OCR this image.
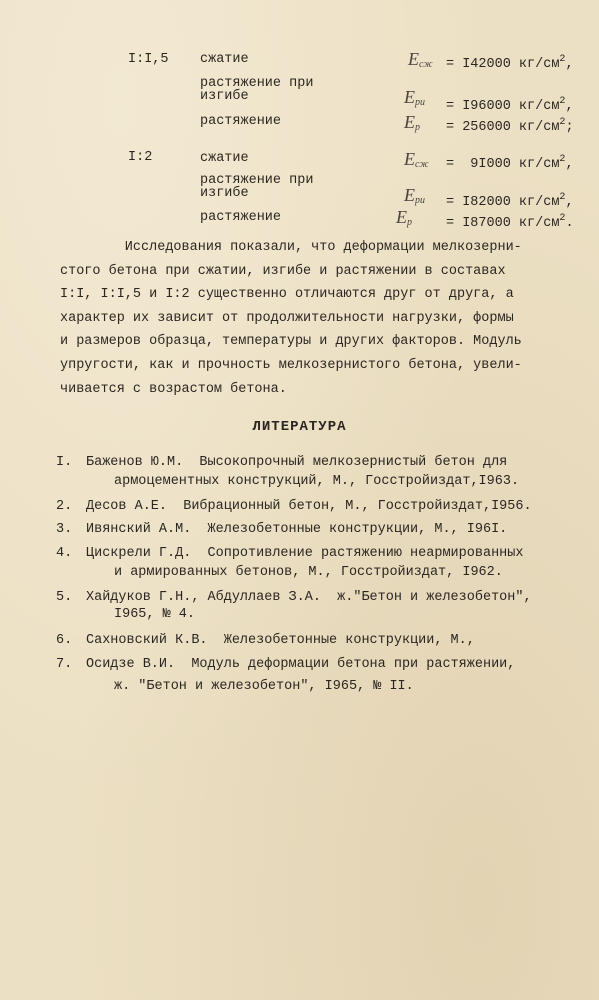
I:I,5 сжатие	$E_{сж} = I42000$ $кг/см^2$,
растяжение при
изгибе	$E_{ри} = I96000$ $кг/см^2$,
растяжение	$E_р = 256000$ $кг/см^2$;
I:2	сжатие	$E_{сж} = 9I000$ $кг/см^2$,
растяжение при
изгибе	$E_{ри} = I82000$ $кг/см^2$,
растяжение	$E_р$	= I87000 $кг/см^2$.
Исследования показали, что деформации мелкозерни-
стого бетона при сжатии, изгибе и растяжении в составах
I:I, I:I,5 и I:2 существенно отличаются друг от друга, а
характер их зависит от продолжительности нагрузки, формы
и размеров образца, температуры и других факторов. Модуль
упругости, как и прочность мелкозернистого бетона, увели-
чивается с возрастом бетона.
ЛИТЕРАТУРА
I. Баженов Ю.М.  Высокопрочный мелкозернистый бетон для
армоцементных конструкций, М., Госстройиздат,I963.
2. Десов А.Е.  Вибрационный бетон, М., Госстройиздат,I956.
3. Ивянский А.М.  Железобетонные конструкции, М., I96I.
4. Цискрели Г.Д.  Сопротивление растяжению неармированных
и армированных бетонов, М., Госстройиздат, I962.
5. Хайдуков Г.Н., Абдуллаев З.А.  ж."Бетон и железобетон",
I965, № 4.
6. Сахновский К.В.  Железобетонные конструкции, М.,
7. Осидзе В.И.  Модуль деформации бетона при растяжении,
ж. "Бетон и железобетон", I965, № II.
